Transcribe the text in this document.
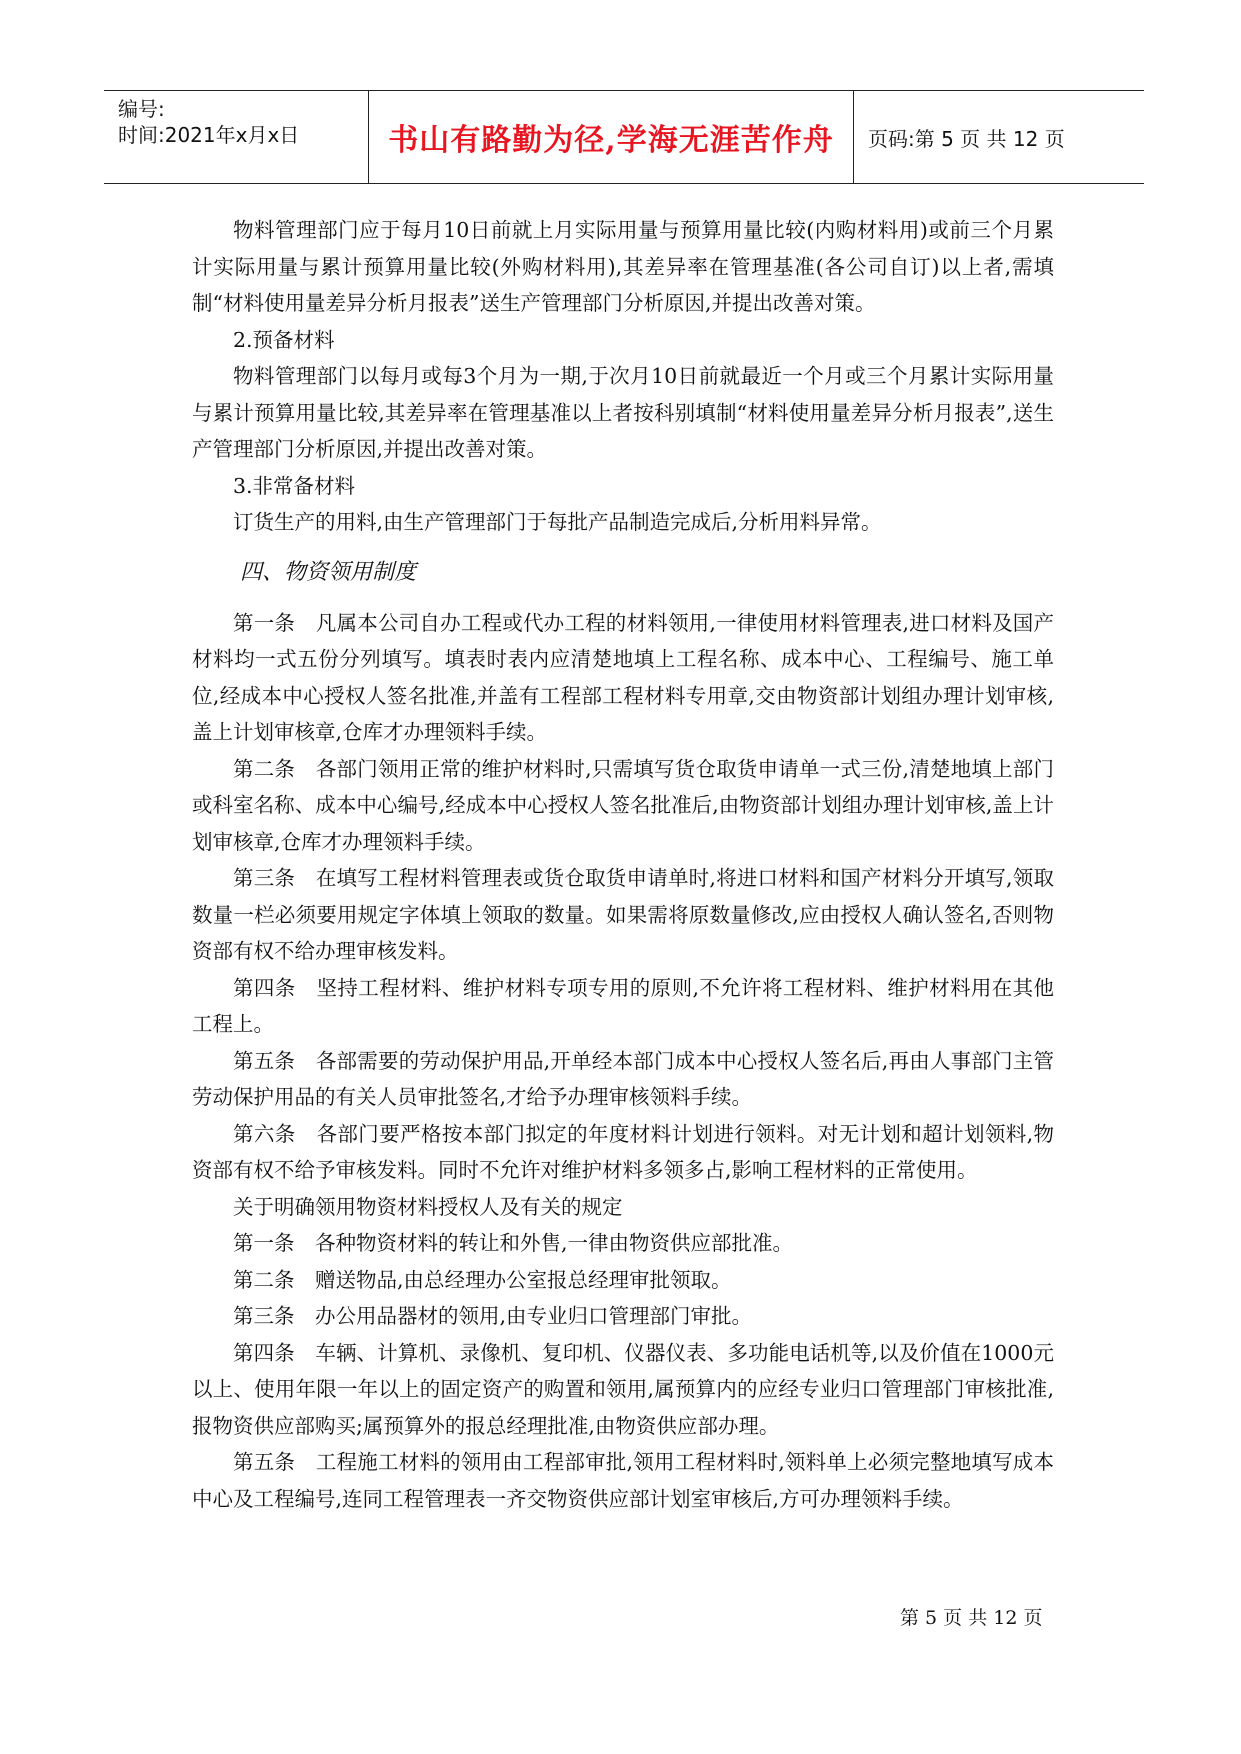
编号:
时间:2021年x月x日	书山有路勤为径,学海无涯苦作舟 页码:第 5 页 共 12 页

物料管理部门应于每月10日前就上月实际用量与预算用量比较(内购材料用)或前三个月累计实际用量与累计预算用量比较(外购材料用),其差异率在管理基准(各公司自订)以上者,需填制“材料使用量差异分析月报表”送生产管理部门分析原因,并提出改善对策。

2.预备材料

物料管理部门以每月或每3个月为一期,于次月10日前就最近一个月或三个月累计实际用量与累计预算用量比较,其差异率在管理基准以上者按科别填制“材料使用量差异分析月报表”,送生产管理部门分析原因,并提出改善对策。

3.非常备材料

订货生产的用料,由生产管理部门于每批产品制造完成后,分析用料异常。

四、物资领用制度

第一条　凡属本公司自办工程或代办工程的材料领用,一律使用材料管理表,进口材料及国产材料均一式五份分列填写。填表时表内应清楚地填上工程名称、成本中心、工程编号、施工单位,经成本中心授权人签名批准,并盖有工程部工程材料专用章,交由物资部计划组办理计划审核,盖上计划审核章,仓库才办理领料手续。

第二条　各部门领用正常的维护材料时,只需填写货仓取货申请单一式三份,清楚地填上部门或科室名称、成本中心编号,经成本中心授权人签名批准后,由物资部计划组办理计划审核,盖上计划审核章,仓库才办理领料手续。

第三条　在填写工程材料管理表或货仓取货申请单时,将进口材料和国产材料分开填写,领取数量一栏必须要用规定字体填上领取的数量。如果需将原数量修改,应由授权人确认签名,否则物资部有权不给办理审核发料。

第四条　坚持工程材料、维护材料专项专用的原则,不允许将工程材料、维护材料用在其他工程上。

第五条　各部需要的劳动保护用品,开单经本部门成本中心授权人签名后,再由人事部门主管劳动保护用品的有关人员审批签名,才给予办理审核领料手续。

第六条　各部门要严格按本部门拟定的年度材料计划进行领料。对无计划和超计划领料,物资部有权不给予审核发料。同时不允许对维护材料多领多占,影响工程材料的正常使用。

关于明确领用物资材料授权人及有关的规定

第一条　各种物资材料的转让和外售,一律由物资供应部批准。

第二条　赠送物品,由总经理办公室报总经理审批领取。

第三条　办公用品器材的领用,由专业归口管理部门审批。

第四条　车辆、计算机、录像机、复印机、仪器仪表、多功能电话机等,以及价值在1000元以上、使用年限一年以上的固定资产的购置和领用,属预算内的应经专业归口管理部门审核批准,报物资供应部购买;属预算外的报总经理批准,由物资供应部办理。

第五条　工程施工材料的领用由工程部审批,领用工程材料时,领料单上必须完整地填写成本中心及工程编号,连同工程管理表一齐交物资供应部计划室审核后,方可办理领料手续。

第 5 页 共 12 页
